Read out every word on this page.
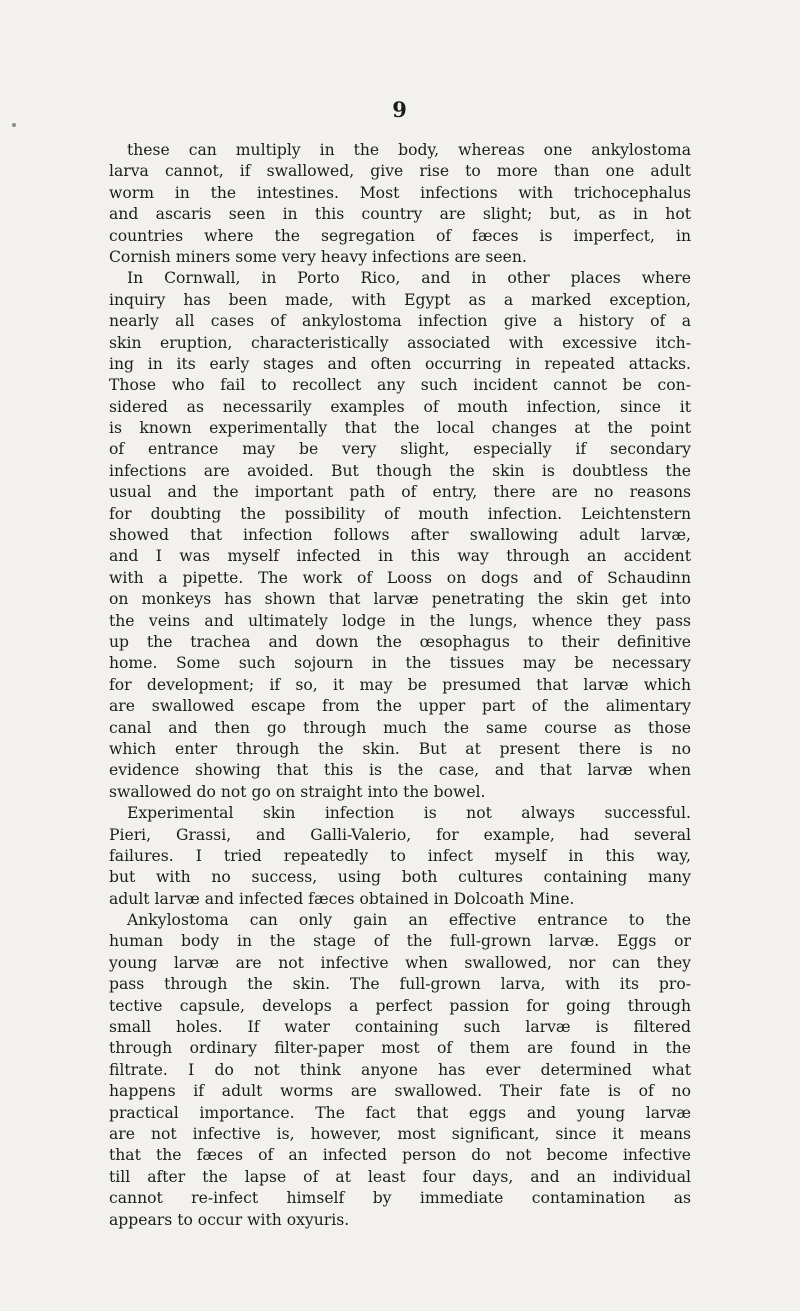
9
these can multiply in the body, whereas one ankylostoma
larva cannot, if swallowed, give rise to more than one adult
worm in the intestines. Most infections with trichocephalus
and ascaris seen in this country are slight; but, as in hot
countries where the segregation of fæces is imperfect, in
Cornish miners some very heavy infections are seen.
In Cornwall, in Porto Rico, and in other places where
inquiry has been made, with Egypt as a marked exception,
nearly all cases of ankylostoma infection give a history of a
skin eruption, characteristically associated with excessive itch-
ing in its early stages and often occurring in repeated attacks.
Those who fail to recollect any such incident cannot be con-
sidered as necessarily examples of mouth infection, since it
is known experimentally that the local changes at the point
of entrance may be very slight, especially if secondary
infections are avoided. But though the skin is doubtless the
usual and the important path of entry, there are no reasons
for doubting the possibility of mouth infection. Leichtenstern
showed that infection follows after swallowing adult larvæ,
and I was myself infected in this way through an accident
with a pipette. The work of Looss on dogs and of Schaudinn
on monkeys has shown that larvæ penetrating the skin get into
the veins and ultimately lodge in the lungs, whence they pass
up the trachea and down the œsophagus to their definitive
home. Some such sojourn in the tissues may be necessary
for development; if so, it may be presumed that larvæ which
are swallowed escape from the upper part of the alimentary
canal and then go through much the same course as those
which enter through the skin. But at present there is no
evidence showing that this is the case, and that larvæ when
swallowed do not go on straight into the bowel.
Experimental skin infection is not always successful.
Pieri, Grassi, and Galli-Valerio, for example, had several
failures. I tried repeatedly to infect myself in this way,
but with no success, using both cultures containing many
adult larvæ and infected fæces obtained in Dolcoath Mine.
Ankylostoma can only gain an effective entrance to the
human body in the stage of the full-grown larvæ. Eggs or
young larvæ are not infective when swallowed, nor can they
pass through the skin. The full-grown larva, with its pro-
tective capsule, develops a perfect passion for going through
small holes. If water containing such larvæ is filtered
through ordinary filter-paper most of them are found in the
filtrate. I do not think anyone has ever determined what
happens if adult worms are swallowed. Their fate is of no
practical importance. The fact that eggs and young larvæ
are not infective is, however, most significant, since it means
that the fæces of an infected person do not become infective
till after the lapse of at least four days, and an individual
cannot re-infect himself by immediate contamination as
appears to occur with oxyuris.
